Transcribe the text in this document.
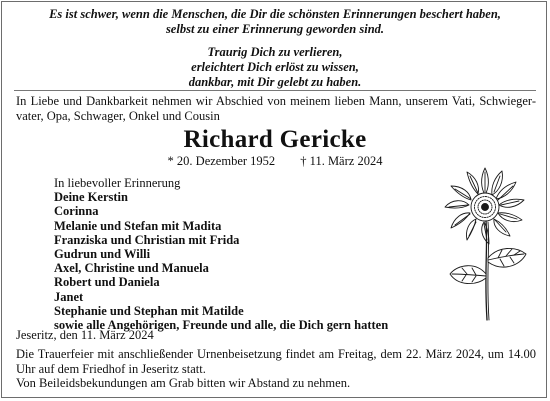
Es ist schwer, wenn die Menschen, die Dir die schönsten Erinnerungen beschert haben,
selbst zu einer Erinnerung geworden sind.
Traurig Dich zu verlieren,
erleichtert Dich erlöst zu wissen,
dankbar, mit Dir gelebt zu haben.
In Liebe und Dankbarkeit nehmen wir Abschied von meinem lieben Mann, unserem Vati, Schwieger- vater, Opa, Schwager, Onkel und Cousin
Richard Gericke
* 20. Dezember 1952 † 11. März 2024
In liebevoller Erinnerung
Deine Kerstin
Corinna
Melanie und Stefan mit Madita
Franziska und Christian mit Frida
Gudrun und Willi
Axel, Christine und Manuela
Robert und Daniela
Janet
Stephanie und Stephan mit Matilde
sowie alle Angehörigen, Freunde und alle, die Dich gern hatten
Jeseritz, den 11. März 2024
Die Trauerfeier mit anschließender Urnenbeisetzung findet am Freitag, dem 22. März 2024, um 14.00 Uhr auf dem Friedhof in Jeseritz statt.
Von Beileidsbekundungen am Grab bitten wir Abstand zu nehmen.
